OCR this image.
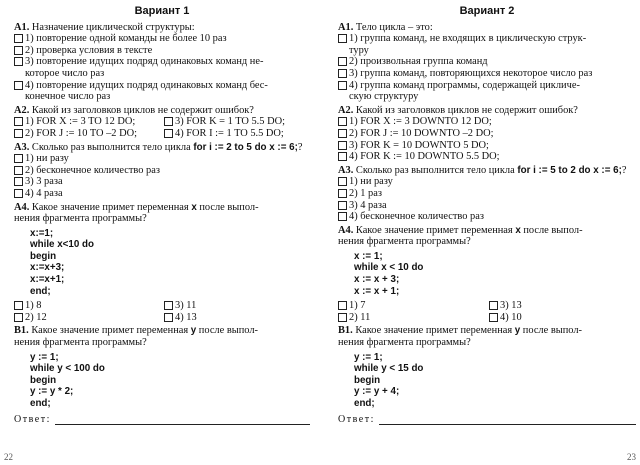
Вариант 1
А1. Назначение циклической структуры:
1) повторение одной команды не более 10 раз
2) проверка условия в тексте
3) повторение идущих подряд одинаковых команд не-
которое число раз
4) повторение идущих подряд одинаковых команд бес-
конечное число раз
А2. Какой из заголовков циклов не содержит ошибок?
1) FOR X := 3 TO 12 DO;	3) FOR K = 1 TO 5.5 DO;
2) FOR J := 10 TO –2 DO;	4) FOR I := 1 TO 5.5 DO;
А3. Сколько раз выполнится тело цикла for i := 2 to 5 do x := 6;?
1) ни разу
2) бесконечное количество раз
3) 3 раза
4) 4 раза
А4. Какое значение примет переменная x после выпол-
нения фрагмента программы?
x:=1;
while x<10 do
begin
x:=x+3;
x:=x+1;
end;
1) 8	3) 11
2) 12	4) 13
В1. Какое значение примет переменная у после выпол-
нения фрагмента программы?
y := 1;
while y < 100 do
begin
y := y * 2;
end;
Ответ:
Вариант 2
А1. Тело цикла – это:
1) группа команд, не входящих в циклическую струк-
туру
2) произвольная группа команд
3) группа команд, повторяющихся некоторое число раз
4) группа команд программы, содержащей цикличе-
скую структуру
А2. Какой из заголовков циклов не содержит ошибок?
1) FOR X := 3 DOWNTO 12 DO;
2) FOR J := 10 DOWNTO –2 DO;
3) FOR K = 10 DOWNTO 5 DO;
4) FOR K := 10 DOWNTO 5.5 DO;
А3. Сколько раз выполнится тело цикла for i := 5 to 2 do x := 6;?
1) ни разу
2) 1 раз
3) 4 раза
4) бесконечное количество раз
А4. Какое значение примет переменная x после выпол-
нения фрагмента программы?
x := 1;
while x < 10 do
x := x + 3;
x := x + 1;
1) 7	3) 13
2) 11	4) 10
В1. Какое значение примет переменная у после выпол-
нения фрагмента программы?
y := 1;
while y < 15 do
begin
y := y + 4;
end;
Ответ:
22	23
